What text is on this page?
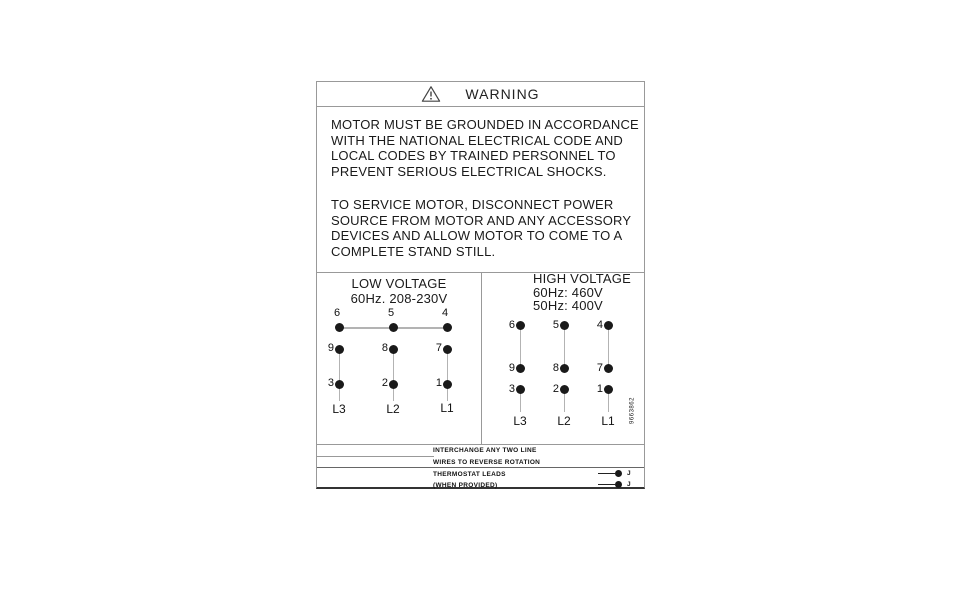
WARNING
MOTOR MUST BE GROUNDED IN ACCORDANCE
WITH THE NATIONAL ELECTRICAL CODE AND
LOCAL CODES BY TRAINED PERSONNEL TO
PREVENT SERIOUS ELECTRICAL SHOCKS.
TO SERVICE MOTOR, DISCONNECT POWER
SOURCE FROM MOTOR AND ANY ACCESSORY
DEVICES AND ALLOW MOTOR TO COME TO A
COMPLETE STAND STILL.
LOW VOLTAGE
60Hz. 208-230V
6	5	4
9	8	7
3	2	1
L3	L2	L1
HIGH VOLTAGE
60Hz: 460V
50Hz: 400V
6	5	4
9	8	7
3	2	1
L3	L2	L1	9663862
INTERCHANGE ANY TWO LINE
WIRES TO REVERSE ROTATION
THERMOSTAT LEADS
(WHEN PROVIDED)
J
J
